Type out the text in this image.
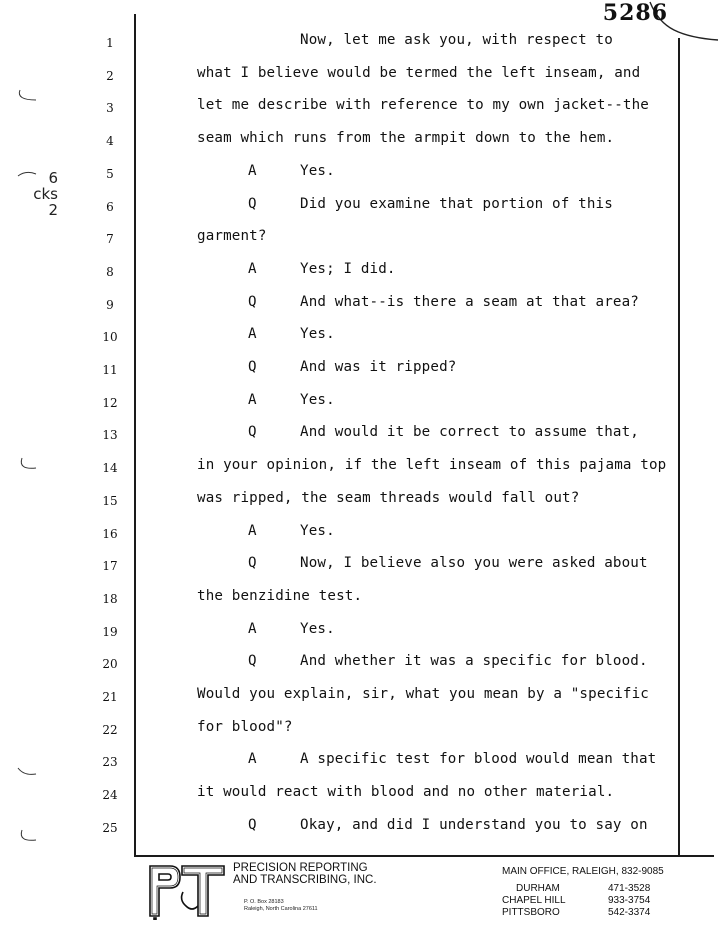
5286
6
cks
2
1	Now, let me ask you, with respect to
2	what I believe would be termed the left inseam, and
3	let me describe with reference to my own jacket--the
4	seam which runs from the armpit down to the hem.
5	A	Yes.
6	Q	Did you examine that portion of this
7	garment?
8	A	Yes; I did.
9	Q	And what--is there a seam at that area?
10	A	Yes.
11	Q	And was it ripped?
12	A	Yes.
13	Q	And would it be correct to assume that,
14	in your opinion, if the left inseam of this pajama top
15	was ripped, the seam threads would fall out?
16	A	Yes.
17	Q	Now, I believe also you were asked about
18	the benzidine test.
19	A	Yes.
20	Q	And whether it was a specific for blood.
21	Would you explain, sir, what you mean by a "specific
22	for blood"?
23	A	A specific test for blood would mean that
24	it would react with blood and no other material.
25	Q	Okay, and did I understand you to say on
PRECISION REPORTING
AND TRANSCRIBING, INC.
P. O. Box 28183
Raleigh, North Carolina 27611
MAIN OFFICE, RALEIGH, 832-9085
DURHAM	471-3528
CHAPEL HILL	933-3754
PITTSBORO	542-3374
